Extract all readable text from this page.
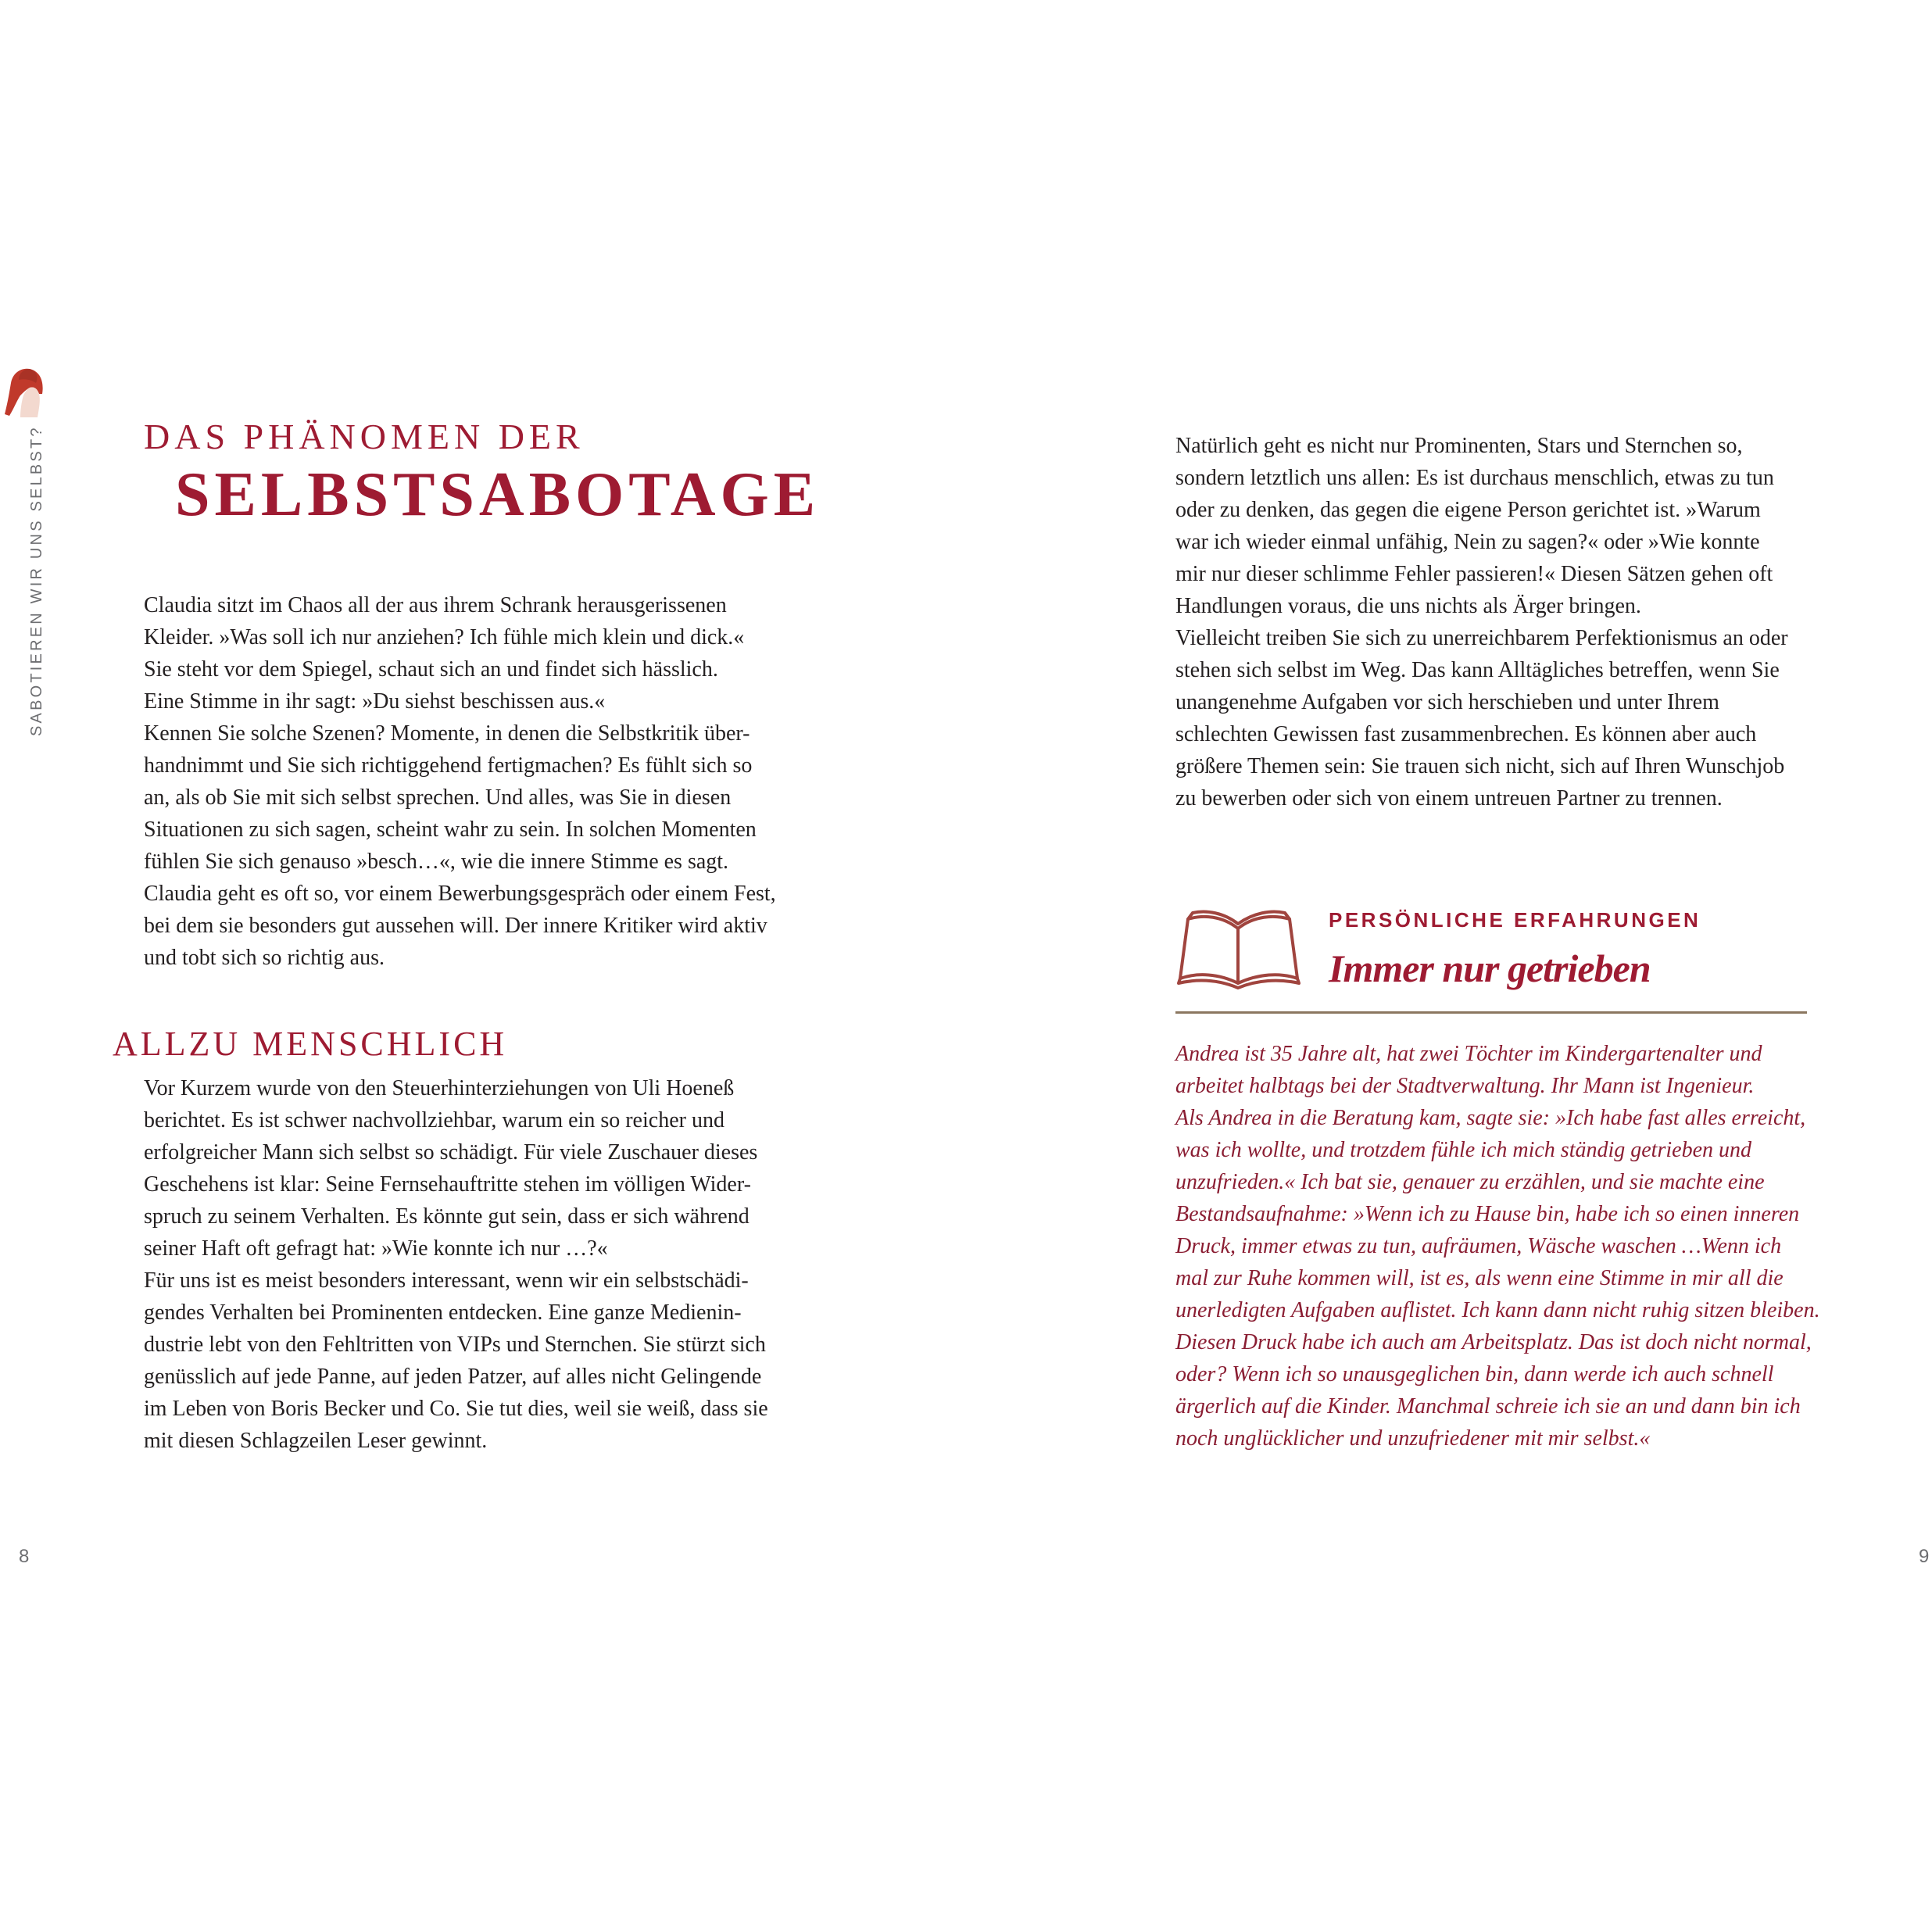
SABOTIEREN WIR UNS SELBST?	DAS PHÄNOMEN DER
SELBSTSABOTAGE

Claudia sitzt im Chaos all der aus ihrem Schrank herausgerissenen

Kleider. »Was soll ich nur anziehen? Ich fühle mich klein und dick.«

Sie steht vor dem Spiegel, schaut sich an und findet sich hässlich.

Eine Stimme in ihr sagt: »Du siehst beschissen aus.«

Kennen Sie solche Szenen? Momente, in denen die Selbstkritik über-

handnimmt und Sie sich richtiggehend fertigmachen? Es fühlt sich so

an, als ob Sie mit sich selbst sprechen. Und alles, was Sie in diesen

Situationen zu sich sagen, scheint wahr zu sein. In solchen Momenten

fühlen Sie sich genauso »besch…«, wie die innere Stimme es sagt.

Claudia geht es oft so, vor einem Bewerbungsgespräch oder einem Fest,

bei dem sie besonders gut aussehen will. Der innere Kritiker wird aktiv

und tobt sich so richtig aus.

ALLZU MENSCHLICH

Vor Kurzem wurde von den Steuerhinterziehungen von Uli Hoeneß

berichtet. Es ist schwer nachvollziehbar, warum ein so reicher und

erfolgreicher Mann sich selbst so schädigt. Für viele Zuschauer dieses

Geschehens ist klar: Seine Fernsehauftritte stehen im völligen Wider-

spruch zu seinem Verhalten. Es könnte gut sein, dass er sich während

seiner Haft oft gefragt hat: »Wie konnte ich nur …?«

Für uns ist es meist besonders interessant, wenn wir ein selbstschädi-

gendes Verhalten bei Prominenten entdecken. Eine ganze Medienin-

dustrie lebt von den Fehltritten von VIPs und Sternchen. Sie stürzt sich

genüsslich auf jede Panne, auf jeden Patzer, auf alles nicht Gelingende

im Leben von Boris Becker und Co. Sie tut dies, weil sie weiß, dass sie

mit diesen Schlagzeilen Leser gewinnt.

8

Natürlich geht es nicht nur Prominenten, Stars und Sternchen so,

sondern letztlich uns allen: Es ist durchaus menschlich, etwas zu tun

oder zu denken, das gegen die eigene Person gerichtet ist. »Warum

war ich wieder einmal unfähig, Nein zu sagen?« oder »Wie konnte

mir nur dieser schlimme Fehler passieren!« Diesen Sätzen gehen oft

Handlungen voraus, die uns nichts als Ärger bringen.

Vielleicht treiben Sie sich zu unerreichbarem Perfektionismus an oder

stehen sich selbst im Weg. Das kann Alltägliches betreffen, wenn Sie

unangenehme Aufgaben vor sich herschieben und unter Ihrem

schlechten Gewissen fast zusammenbrechen. Es können aber auch

größere Themen sein: Sie trauen sich nicht, sich auf Ihren Wunschjob

zu bewerben oder sich von einem untreuen Partner zu trennen.

PERSÖNLICHE ERFAHRUNGEN
Immer nur getrieben

Andrea ist 35 Jahre alt, hat zwei Töchter im Kindergartenalter und

arbeitet halbtags bei der Stadtverwaltung. Ihr Mann ist Ingenieur.

Als Andrea in die Beratung kam, sagte sie: »Ich habe fast alles erreicht,

was ich wollte, und trotzdem fühle ich mich ständig getrieben und

unzufrieden.« Ich bat sie, genauer zu erzählen, und sie machte eine

Bestandsaufnahme: »Wenn ich zu Hause bin, habe ich so einen inneren

Druck, immer etwas zu tun, aufräumen, Wäsche waschen …Wenn ich

mal zur Ruhe kommen will, ist es, als wenn eine Stimme in mir all die

unerledigten Aufgaben auflistet. Ich kann dann nicht ruhig sitzen bleiben.

Diesen Druck habe ich auch am Arbeitsplatz. Das ist doch nicht normal,

oder? Wenn ich so unausgeglichen bin, dann werde ich auch schnell

ärgerlich auf die Kinder. Manchmal schreie ich sie an und dann bin ich

noch unglücklicher und unzufriedener mit mir selbst.«

9
